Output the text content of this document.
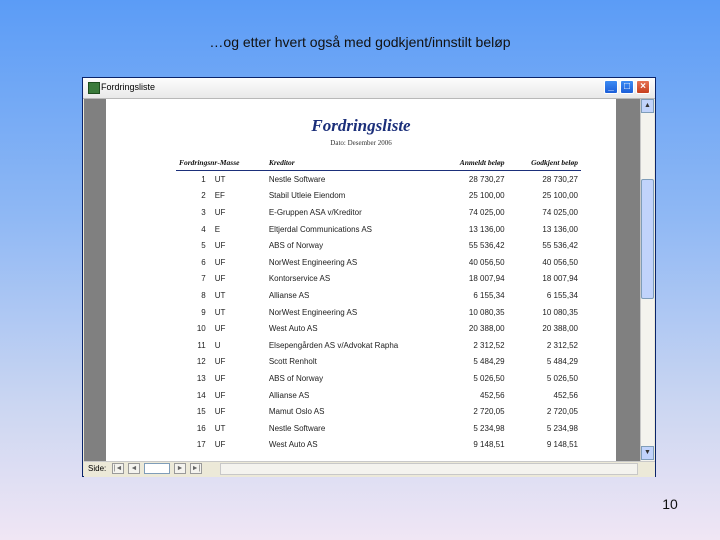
…og etter hvert også med godkjent/innstilt beløp
Fordringsliste	_	□	×
Fordringsliste
Dato: Desember 2006
Fordringsnr-Masse		Kreditor	Anmeldt beløp	Godkjent beløp
1	UT	Nestle Software	28 730,27	28 730,27
2	EF	Stabil Utleie Eiendom	25 100,00	25 100,00
3	UF	E-Gruppen ASA v/Kreditor	74 025,00	74 025,00
4	E	Eltjerdal Communications AS	13 136,00	13 136,00
5	UF	ABS of Norway	55 536,42	55 536,42
6	UF	NorWest Engineering AS	40 056,50	40 056,50
7	UF	Kontorservice AS	18 007,94	18 007,94
8	UT	Allianse AS	6 155,34	6 155,34
9	UT	NorWest Engineering AS	10 080,35	10 080,35
10	UF	West Auto AS	20 388,00	20 388,00
11	U	Elsepengården AS v/Advokat Rapha	2 312,52	2 312,52
12	UF	Scott Renholt	5 484,29	5 484,29
13	UF	ABS of Norway	5 026,50	5 026,50
14	UF	Allianse AS	452,56	452,56
15	UF	Mamut Oslo AS	2 720,05	2 720,05
16	UT	Nestle Software	5 234,98	5 234,98
17	UF	West Auto AS	9 148,51	9 148,51
▲
▼
Side: |◄	◄	►	►|
10
